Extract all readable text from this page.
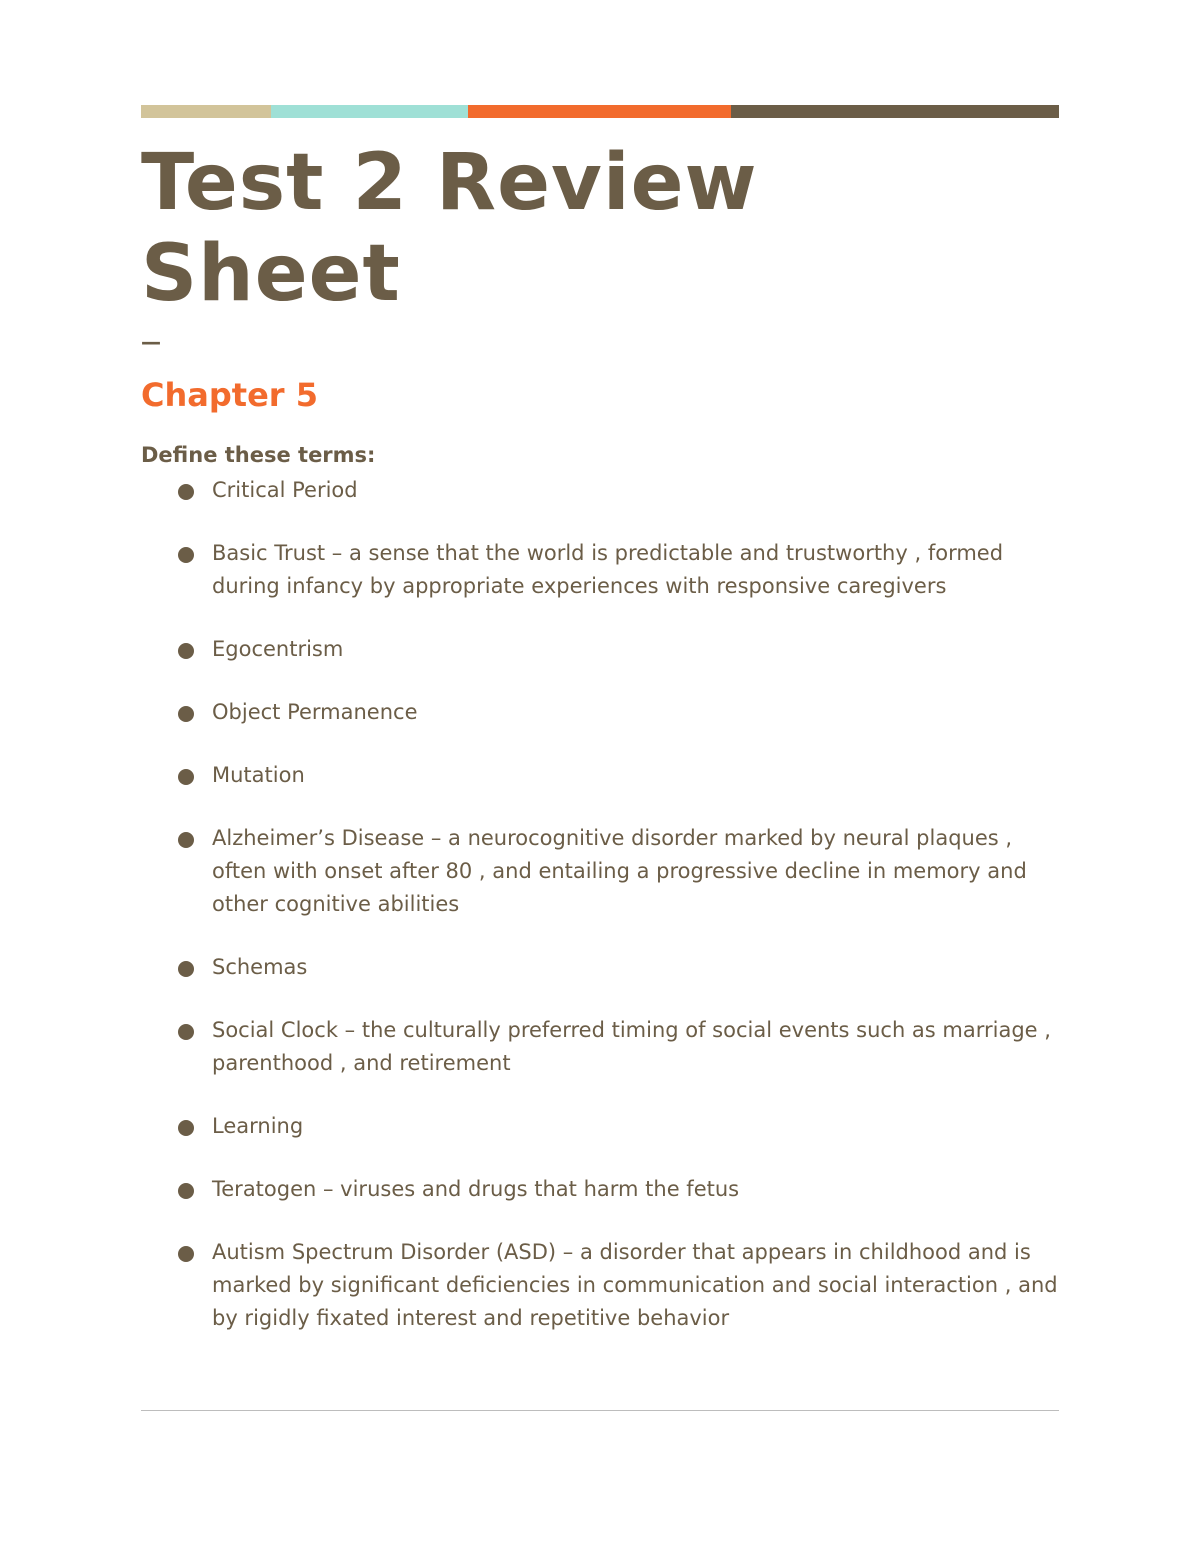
Test 2 Review
Sheet
—
Chapter 5
Define these terms:
Critical Period
Basic Trust – a sense that the world is predictable and trustworthy , formed during infancy by appropriate experiences with responsive caregivers
Egocentrism
Object Permanence
Mutation
Alzheimer’s Disease – a neurocognitive disorder marked by neural plaques , often with onset after 80 , and entailing a progressive decline in memory and other cognitive abilities
Schemas
Social Clock – the culturally preferred timing of social events such as marriage , parenthood , and retirement
Learning
Teratogen – viruses and drugs that harm the fetus
Autism Spectrum Disorder (ASD) – a disorder that appears in childhood and is marked by significant deficiencies in communication and social interaction , and by rigidly fixated interest and repetitive behavior
